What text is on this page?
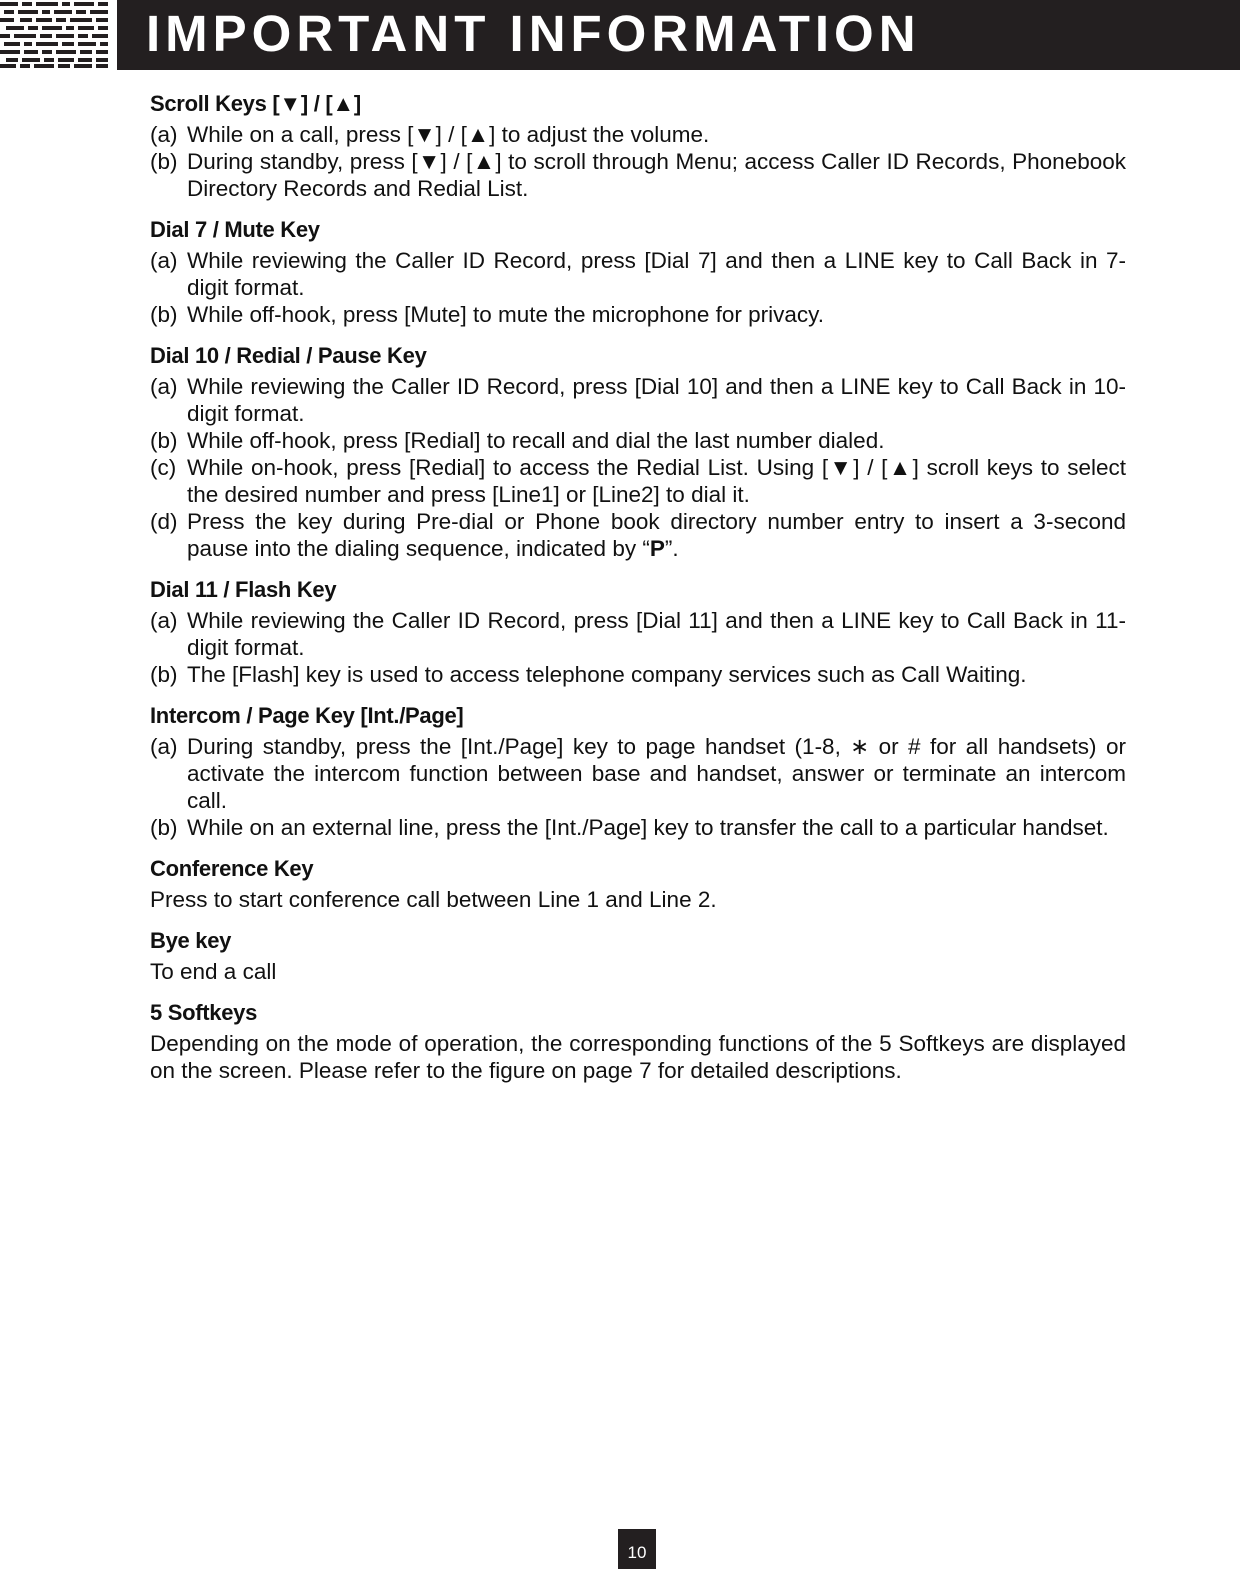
IMPORTANT INFORMATION
Scroll Keys [▼] / [▲]
(a) While on a call, press [▼] / [▲] to adjust the volume.
(b) During standby, press [▼] / [▲] to scroll through Menu; access Caller ID Records, Phonebook Directory Records and Redial List.
Dial 7 / Mute Key
(a) While reviewing the Caller ID Record, press [Dial 7] and then a LINE key to Call Back in 7-digit format.
(b) While off-hook, press [Mute] to mute the microphone for privacy.
Dial 10 / Redial / Pause Key
(a) While reviewing the Caller ID Record, press [Dial 10] and then a LINE key to Call Back in 10-digit format.
(b) While off-hook, press [Redial] to recall and dial the last number dialed.
(c) While on-hook, press [Redial] to access the Redial List. Using [▼] / [▲] scroll keys to select the desired number and press [Line1] or [Line2] to dial it.
(d) Press the key during Pre-dial or Phone book directory number entry to insert a 3-second pause into the dialing sequence, indicated by “P”.
Dial 11 / Flash Key
(a) While reviewing the Caller ID Record, press [Dial 11] and then a LINE key to Call Back in 11-digit format.
(b) The [Flash] key is used to access telephone company services such as Call Waiting.
Intercom / Page Key [Int./Page]
(a) During standby, press the [Int./Page] key to page handset (1-8, ∗ or # for all handsets) or activate the intercom function between base and handset, answer or terminate an intercom call.
(b) While on an external line, press the [Int./Page] key to transfer the call to a particular handset.
Conference Key
Press to start conference call between Line 1 and Line 2.
Bye key
To end a call
5 Softkeys
Depending on the mode of operation, the corresponding functions of the 5 Softkeys are displayed on the screen. Please refer to the figure on page 7 for detailed descriptions.
10
